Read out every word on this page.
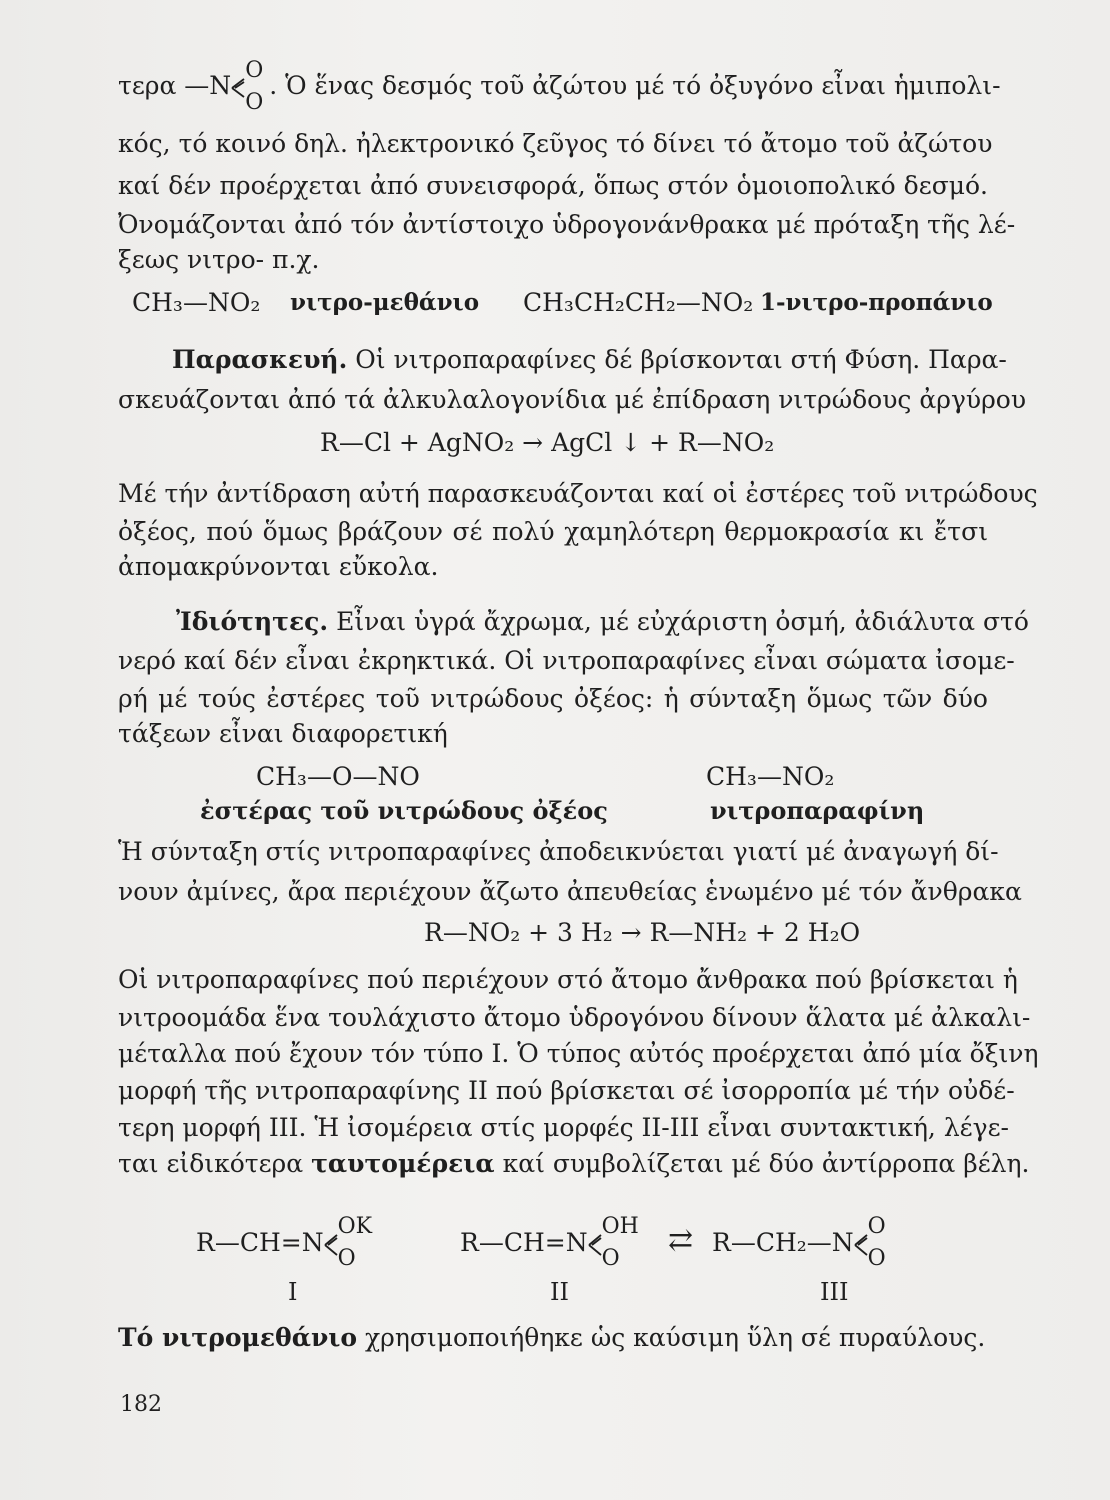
τερα —N
O
O
. Ὁ ἕνας δεσμός τοῦ ἀζώτου μέ τό ὀξυγόνο εἶναι ἡμιπολι-
κός, τό κοινό δηλ. ἠλεκτρονικό ζεῦγος τό δίνει τό ἄτομο τοῦ ἀζώτου
καί δέν προέρχεται ἀπό συνεισφορά, ὅπως στόν ὁμοιοπολικό δεσμό.
Ὀνομάζονται ἀπό τόν ἀντίστοιχο ὑδρογονάνθρακα μέ πρόταξη τῆς λέ-
ξεως νιτρο- π.χ.
CH₃—NO₂ νιτρο-μεθάνιο CH₃CH₂CH₂—NO₂ 1-νιτρο-προπάνιο
Παρασκευή. Οἱ νιτροπαραφίνες δέ βρίσκονται στή Φύση. Παρα-
σκευάζονται ἀπό τά ἀλκυλαλογονίδια μέ ἐπίδραση νιτρώδους ἀργύρου
R—Cl + AgNO₂ → AgCl ↓ + R—NO₂
Μέ τήν ἀντίδραση αὐτή παρασκευάζονται καί οἱ ἐστέρες τοῦ νιτρώδους
ὀξέος, πού ὅμως βράζουν σέ πολύ χαμηλότερη θερμοκρασία κι ἔτσι
ἀπομακρύνονται εὔκολα.
Ἰδιότητες. Εἶναι ὑγρά ἄχρωμα, μέ εὐχάριστη ὀσμή, ἀδιάλυτα στό
νερό καί δέν εἶναι ἐκρηκτικά. Οἱ νιτροπαραφίνες εἶναι σώματα ἰσομε-
ρή μέ τούς ἐστέρες τοῦ νιτρώδους ὀξέος: ἡ σύνταξη ὅμως τῶν δύο
τάξεων εἶναι διαφορετική
CH₃—O—NO	CH₃—NO₂
ἐστέρας τοῦ νιτρώδους ὀξέος	νιτροπαραφίνη
Ἡ σύνταξη στίς νιτροπαραφίνες ἀποδεικνύεται γιατί μέ ἀναγωγή δί-
νουν ἀμίνες, ἄρα περιέχουν ἄζωτο ἀπευθείας ἑνωμένο μέ τόν ἄνθρακα
R—NO₂ + 3 H₂ → R—NH₂ + 2 H₂O
Οἱ νιτροπαραφίνες πού περιέχουν στό ἄτομο ἄνθρακα πού βρίσκεται ἡ
νιτροομάδα ἕνα τουλάχιστο ἄτομο ὑδρογόνου δίνουν ἅλατα μέ ἀλκαλι-
μέταλλα πού ἔχουν τόν τύπο I. Ὁ τύπος αὐτός προέρχεται ἀπό μία ὄξινη
μορφή τῆς νιτροπαραφίνης II πού βρίσκεται σέ ἰσορροπία μέ τήν οὐδέ-
τερη μορφή III. Ἡ ἰσομέρεια στίς μορφές II-III εἶναι συντακτική, λέγε-
ται εἰδικότερα ταυτομέρεια καί συμβολίζεται μέ δύο ἀντίρροπα βέλη.
R—CH=N
OK
O
R—CH=N
OH
O ⇄ R—CH₂—N
O
O
I	II	III
Τό νιτρομεθάνιο χρησιμοποιήθηκε ὡς καύσιμη ὕλη σέ πυραύλους.
182
